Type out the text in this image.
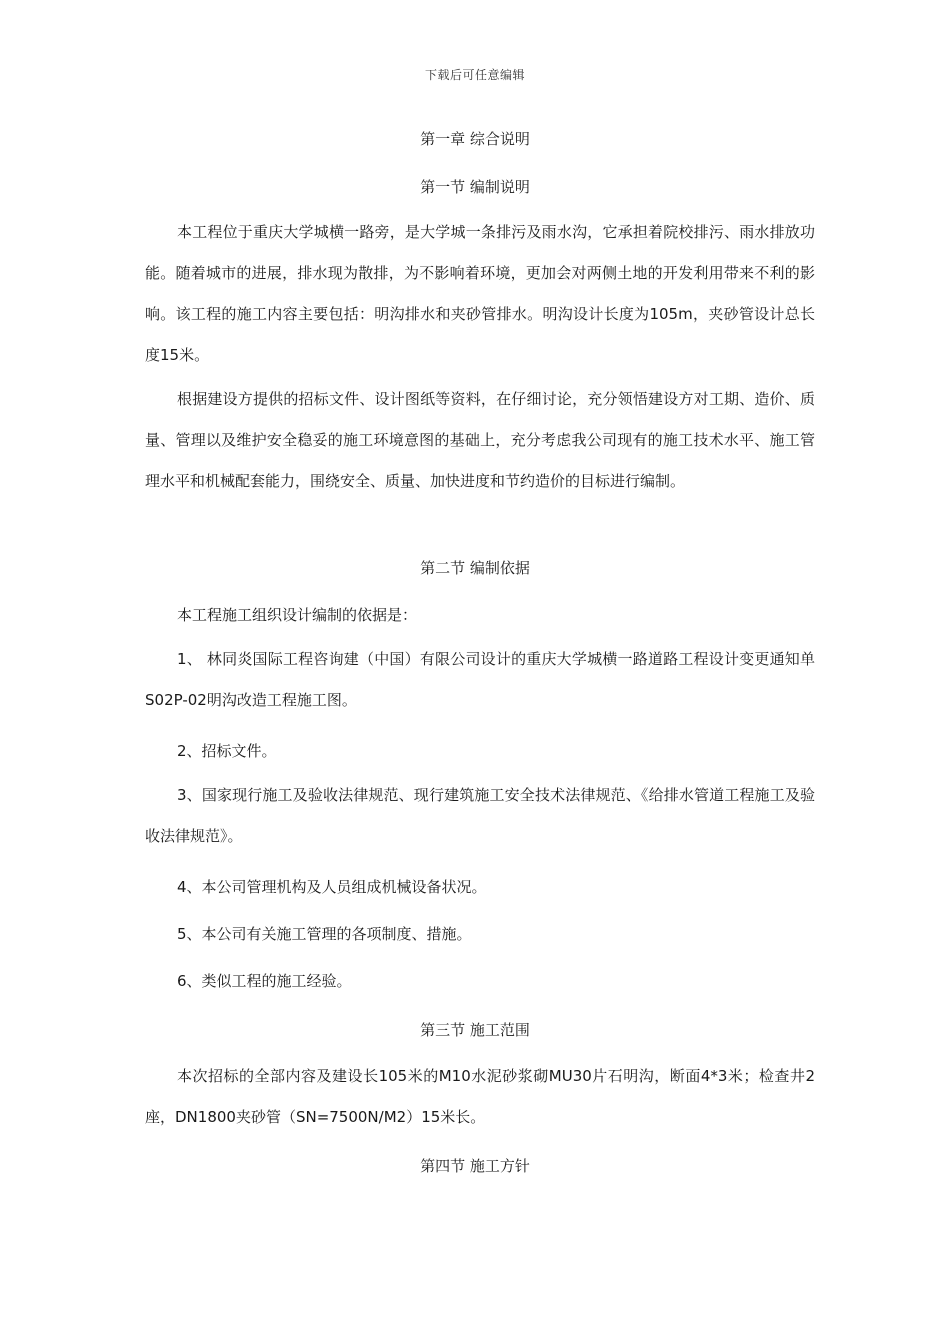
下载后可任意编辑
第一章 综合说明
第一节 编制说明

本工程位于重庆大学城横一路旁，是大学城一条排污及雨水沟，它承担着院校排污、雨水排放功能。随着城市的进展，排水现为散排，为不影响着环境，更加会对两侧土地的开发利用带来不利的影响。该工程的施工内容主要包括：明沟排水和夹砂管排水。明沟设计长度为105m，夹砂管设计总长度15米。

根据建设方提供的招标文件、设计图纸等资料，在仔细讨论，充分领悟建设方对工期、造价、质量、管理以及维护安全稳妥的施工环境意图的基础上，充分考虑我公司现有的施工技术水平、施工管理水平和机械配套能力，围绕安全、质量、加快进度和节约造价的目标进行编制。

第二节 编制依据
本工程施工组织设计编制的依据是：

1、 林同炎国际工程咨询建（中国）有限公司设计的重庆大学城横一路道路工程设计变更通知单S02P-02明沟改造工程施工图。

2、招标文件。

3、国家现行施工及验收法律规范、现行建筑施工安全技术法律规范、《给排水管道工程施工及验收法律规范》。

4、本公司管理机构及人员组成机械设备状况。
5、本公司有关施工管理的各项制度、措施。
6、类似工程的施工经验。
第三节 施工范围

本次招标的全部内容及建设长105米的M10水泥砂浆砌MU30片石明沟，断面4*3米；检查井2座，DN1800夹砂管（SN=7500N/M2）15米长。

第四节 施工方针
